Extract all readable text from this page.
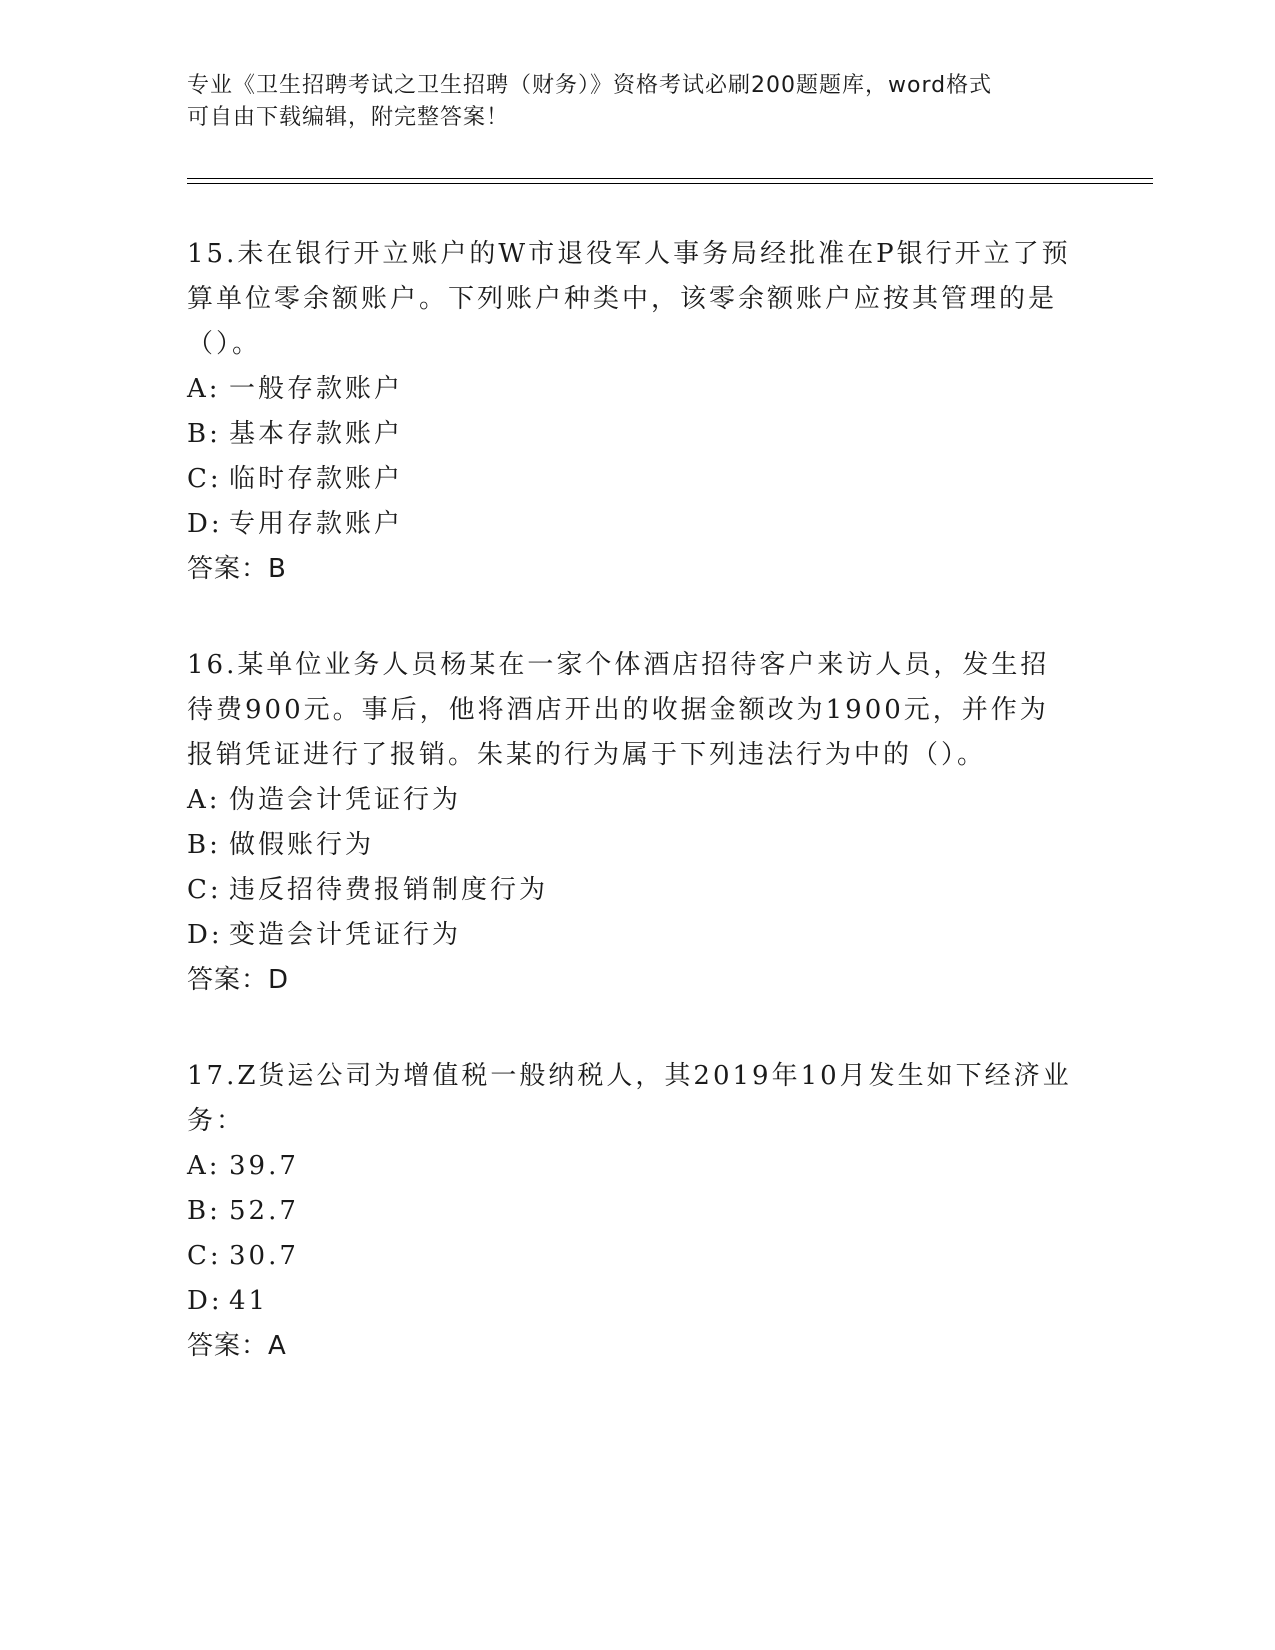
专业《卫生招聘考试之卫生招聘（财务）》资格考试必刷200题题库，word格式
可自由下载编辑，附完整答案！
15.未在银行开立账户的W市退役军人事务局经批准在P银行开立了预算单位零余额账户。下列账户种类中，该零余额账户应按其管理的是（）。
A: 一般存款账户
B: 基本存款账户
C: 临时存款账户
D: 专用存款账户
答案：B
16.某单位业务人员杨某在一家个体酒店招待客户来访人员，发生招待费900元。事后，他将酒店开出的收据金额改为1900元，并作为报销凭证进行了报销。朱某的行为属于下列违法行为中的（）。
A: 伪造会计凭证行为
B: 做假账行为
C: 违反招待费报销制度行为
D: 变造会计凭证行为
答案：D
17.Z货运公司为增值税一般纳税人，其2019年10月发生如下经济业务：
A: 39.7
B: 52.7
C: 30.7
D: 41
答案：A
